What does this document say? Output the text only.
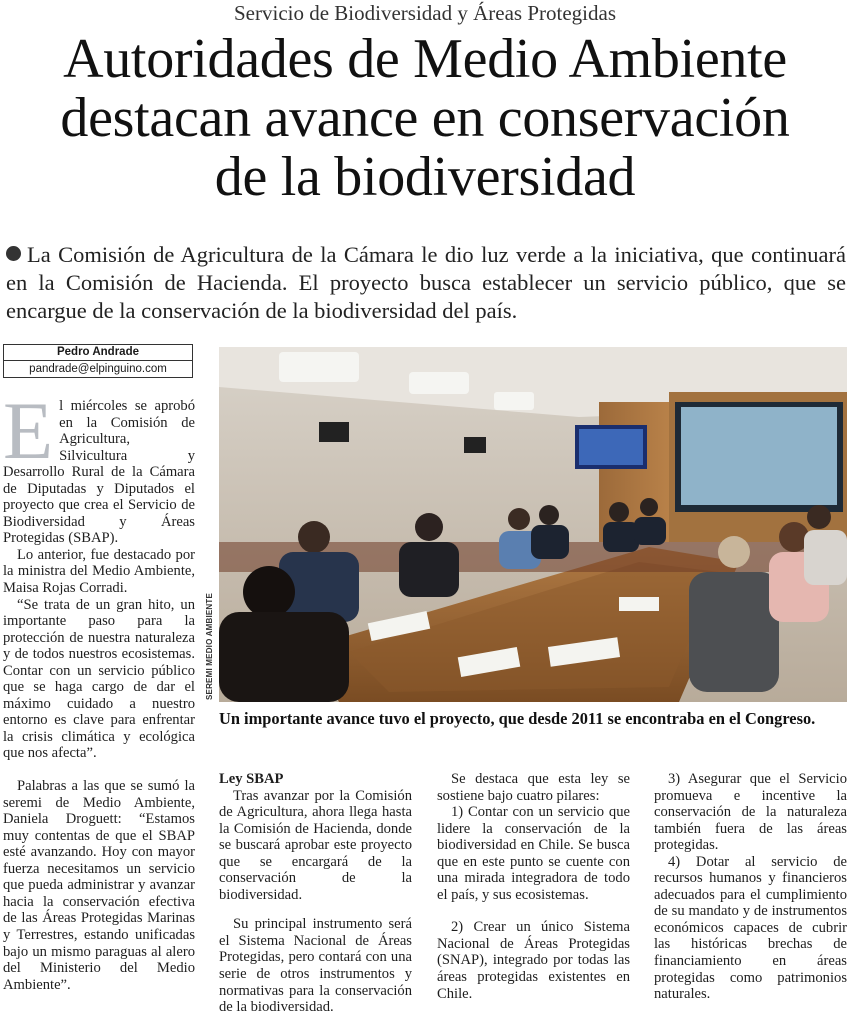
Servicio de Biodiversidad y Áreas Protegidas
Autoridades de Medio Ambiente
destacan avance en conservación
de la biodiversidad
La Comisión de Agricultura de la Cámara le dio luz verde a la iniciativa, que continuará en la Comisión de Hacienda. El proyecto busca establecer un servicio público, que se encargue de la conservación de la biodiversidad del país.
Pedro Andrade
pandrade@elpinguino.com

El miércoles se aprobó en la Comisión de Agricultura, Silvicultura y Desarrollo Rural de la Cámara de Diputadas y Diputados el proyecto que crea el Servicio de Biodiversidad y Áreas Protegidas (SBAP).

Lo anterior, fue destacado por la ministra del Medio Ambiente, Maisa Rojas Corradi.

“Se trata de un gran hito, un importante paso para la protección de nuestra naturaleza y de todos nuestros ecosistemas. Contar con un servicio público que se haga cargo de dar el máximo cuidado a nuestro entorno es clave para enfrentar la crisis climática y ecológica que nos afecta”.

Palabras a las que se sumó la seremi de Medio Ambiente, Daniela Droguett: “Estamos muy contentas de que el SBAP esté avanzando. Hoy con mayor fuerza necesitamos un servicio que pueda administrar y avanzar hacia la conservación efectiva de las Áreas Protegidas Marinas y Terrestres, estando unificadas bajo un mismo paraguas al alero del Ministerio del Medio Ambiente”.

SEREMI MEDIO AMBIENTE
Un importante avance tuvo el proyecto, que desde 2011 se encontraba en el Congreso.

Ley SBAP

Tras avanzar por la Comisión de Agricultura, ahora llega hasta la Comisión de Hacienda, donde se buscará aprobar este proyecto que se encargará de la conservación de la biodiversidad.

Su principal instrumento será el Sistema Nacional de Áreas Protegidas, pero contará con una serie de otros instrumentos y normativas para la conservación de la biodiversidad.

Se destaca que esta ley se sostiene bajo cuatro pilares:

1) Contar con un servicio que lidere la conservación de la biodiversidad en Chile. Se busca que en este punto se cuente con una mirada integradora de todo el país, y sus ecosistemas.

2) Crear un único Sistema Nacional de Áreas Protegidas (SNAP), integrado por todas las áreas protegidas existentes en Chile.

3) Asegurar que el Servicio promueva e incentive la conservación de la naturaleza también fuera de las áreas protegidas.

4) Dotar al servicio de recursos humanos y financieros adecuados para el cumplimiento de su mandato y de instrumentos económicos capaces de cubrir las históricas brechas de financiamiento en áreas protegidas como patrimonios naturales.
